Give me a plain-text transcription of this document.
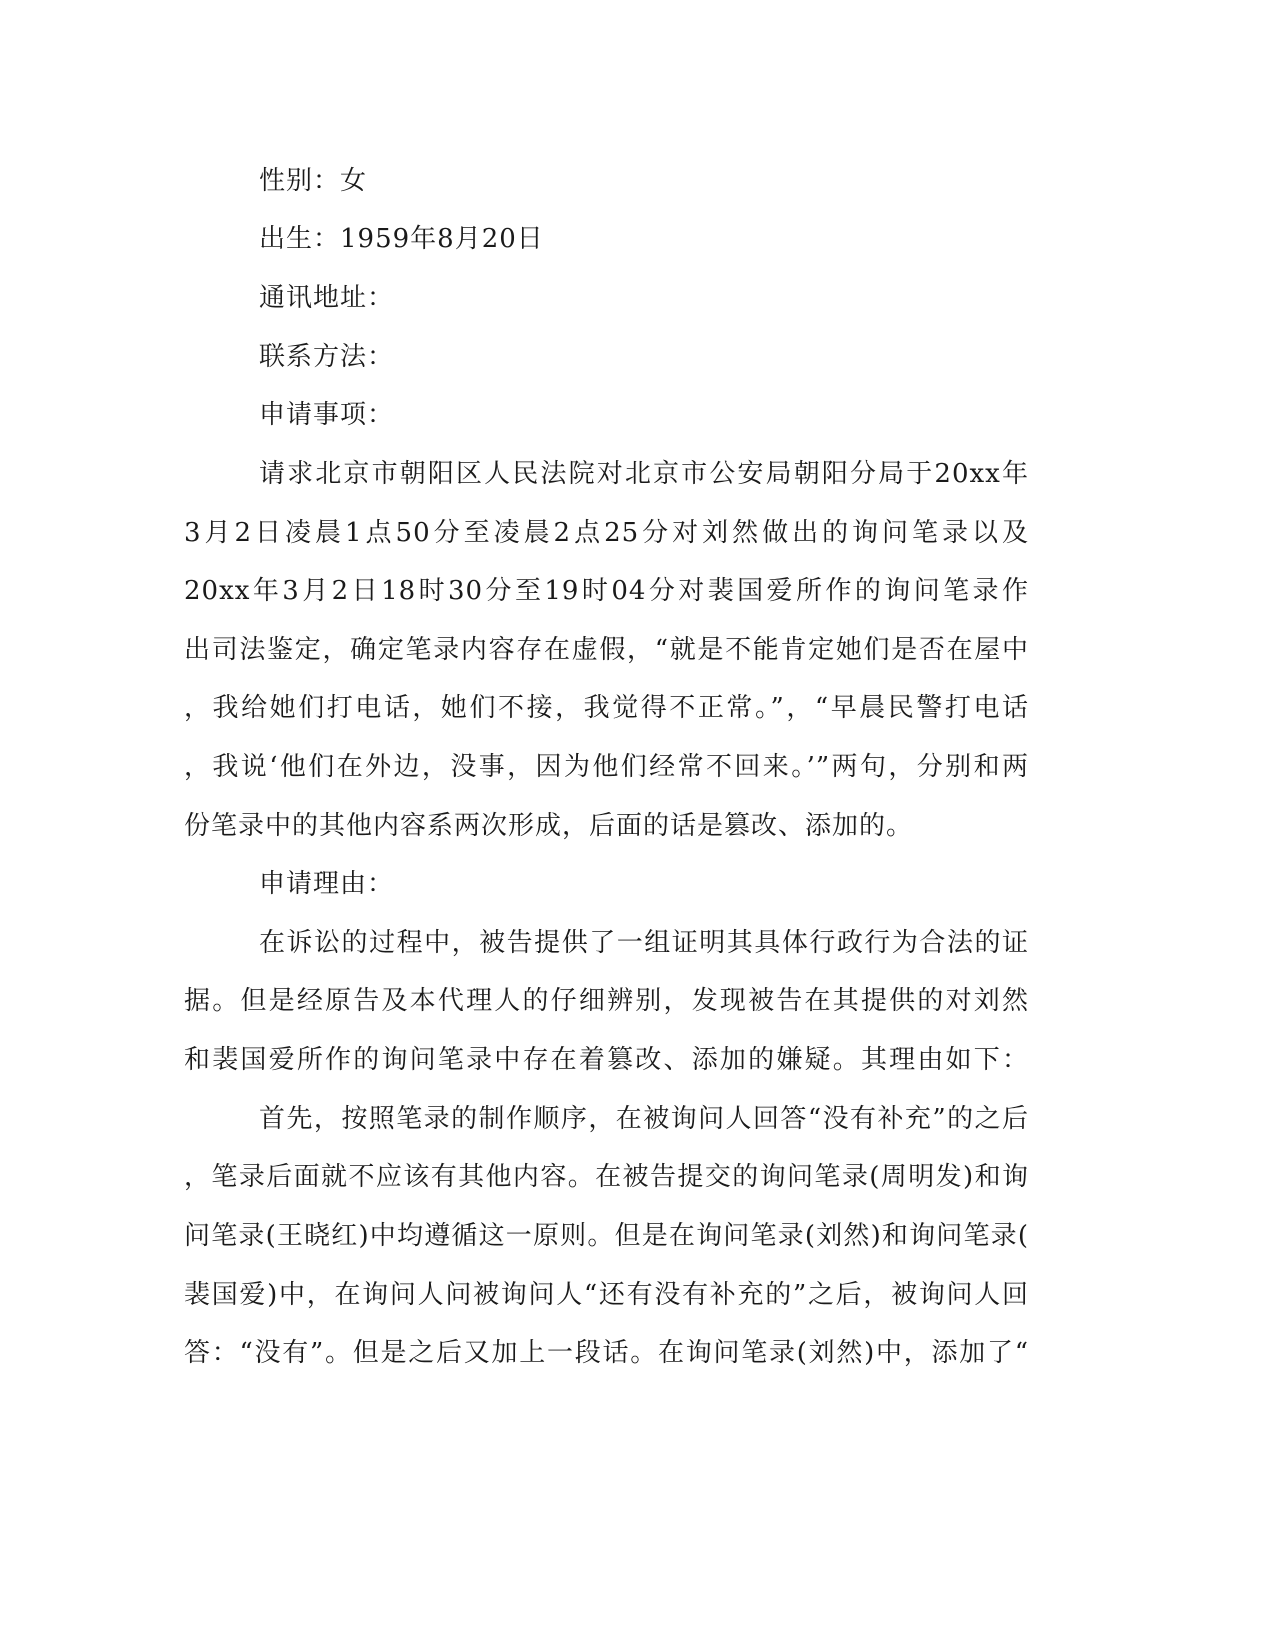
性别：女
出生：1959年8月20日
通讯地址：
联系方法：
申请事项：
请求北京市朝阳区人民法院对北京市公安局朝阳分局于20xx年
3月2日凌晨1点50分至凌晨2点25分对刘然做出的询问笔录以及
20xx年3月2日18时30分至19时04分对裴国爱所作的询问笔录作
出司法鉴定，确定笔录内容存在虚假，“就是不能肯定她们是否在屋中
，我给她们打电话，她们不接，我觉得不正常。”，“早晨民警打电话
，我说‘他们在外边，没事，因为他们经常不回来。’”两句，分别和两
份笔录中的其他内容系两次形成，后面的话是篡改、添加的。
申请理由：
在诉讼的过程中，被告提供了一组证明其具体行政行为合法的证
据。但是经原告及本代理人的仔细辨别，发现被告在其提供的对刘然
和裴国爱所作的询问笔录中存在着篡改、添加的嫌疑。其理由如下：
首先，按照笔录的制作顺序，在被询问人回答“没有补充”的之后
，笔录后面就不应该有其他内容。在被告提交的询问笔录(周明发)和询
问笔录(王晓红)中均遵循这一原则。但是在询问笔录(刘然)和询问笔录(
裴国爱)中，在询问人问被询问人“还有没有补充的”之后，被询问人回
答：“没有”。但是之后又加上一段话。在询问笔录(刘然)中，添加了“
